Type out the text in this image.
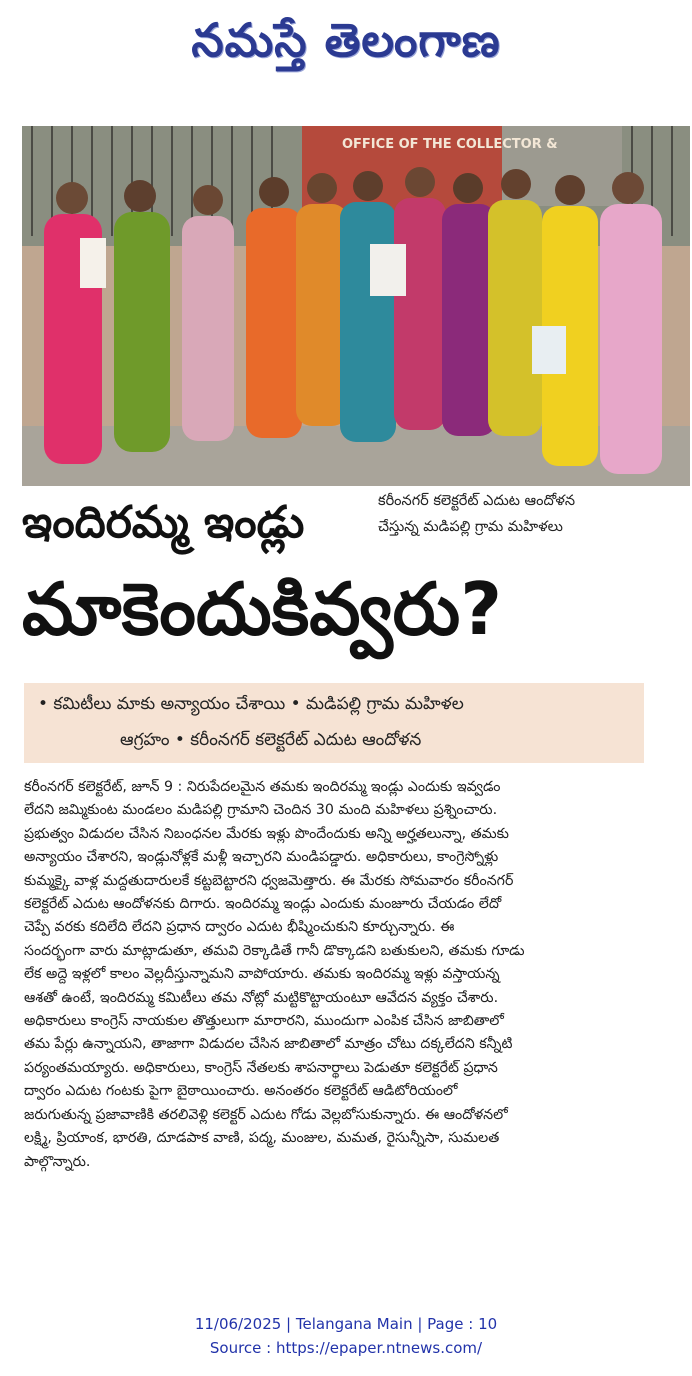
నమస్తే తెలంగాణ
OFFICE OF THE COLLECTOR &
కరీంనగర్ కలెక్టరేట్ ఎదుట ఆందోళన
చేస్తున్న మడిపల్లి గ్రామ మహిళలు
ఇందిరమ్మ ఇండ్లు
మాకెందుకివ్వరు?
• కమిటీలు మాకు అన్యాయం చేశాయి • మడిపల్లి గ్రామ మహిళల
ఆగ్రహం • కరీంనగర్ కలెక్టరేట్ ఎదుట ఆందోళన

కరీంనగర్ కలెక్టరేట్, జూన్ 9 : నిరుపేదలమైన తమకు ఇందిరమ్మ ఇండ్లు ఎందుకు ఇవ్వడం

లేదని జమ్మికుంట మండలం మడిపల్లి గ్రామాని చెందిన 30 మంది మహిళలు ప్రశ్నించారు.

ప్రభుత్వం విడుదల చేసిన నిబంధనల మేరకు ఇళ్లు పొందేందుకు అన్ని అర్హతలున్నా, తమకు

అన్యాయం చేశారని, ఇండ్లునోళ్లకే మళ్లీ ఇచ్చారని మండిపడ్డారు. అధికారులు, కాంగ్రెస్నోళ్లు

కుమ్మక్కై వాళ్ల మద్దతుదారులకే కట్టబెట్టారని ధ్వజమెత్తారు. ఈ మేరకు సోమవారం కరీంనగర్

కలెక్టరేట్ ఎదుట ఆందోళనకు దిగారు. ఇందిరమ్మ ఇండ్లు ఎందుకు మంజూరు చేయడం లేదో

చెప్పే వరకు కదిలేది లేదని ప్రధాన ద్వారం ఎదుట భీష్మించుకుని కూర్చున్నారు. ఈ

సందర్భంగా వారు మాట్లాడుతూ, తమవి రెక్కాడితే గానీ డొక్కాడని బతుకులని, తమకు గూడు

లేక అద్దె ఇళ్లలో కాలం వెల్లదీస్తున్నామని వాపోయారు. తమకు ఇందిరమ్మ ఇళ్లు వస్తాయన్న

ఆశతో ఉంటే, ఇందిరమ్మ కమిటీలు తమ నోట్లో మట్టికొట్టాయంటూ ఆవేదన వ్యక్తం చేశారు.

అధికారులు కాంగ్రెస్ నాయకుల తొత్తులుగా మారారని, ముందుగా ఎంపిక చేసిన జాబితాలో

తమ పేర్లు ఉన్నాయని, తాజాగా విడుదల చేసిన జాబితాలో మాత్రం చోటు దక్కలేదని కన్నీటి

పర్యంతమయ్యారు. అధికారులు, కాంగ్రెస్ నేతలకు శాపనార్థాలు పెడుతూ కలెక్టరేట్ ప్రధాన

ద్వారం ఎదుట గంటకు పైగా బైఠాయించారు. అనంతరం కలెక్టరేట్ ఆడిటోరియంలో

జరుగుతున్న ప్రజావాణికి తరలివెళ్లి కలెక్టర్ ఎదుట గోడు వెల్లబోసుకున్నారు. ఈ ఆందోళనలో

లక్ష్మి, ప్రియాంక, భారతి, దూడపాక వాణి, పద్మ, మంజుల, మమత, రైసున్నీసా, సుమలత

పాల్గొన్నారు.

11/06/2025 | Telangana Main | Page : 10
Source : https://epaper.ntnews.com/
